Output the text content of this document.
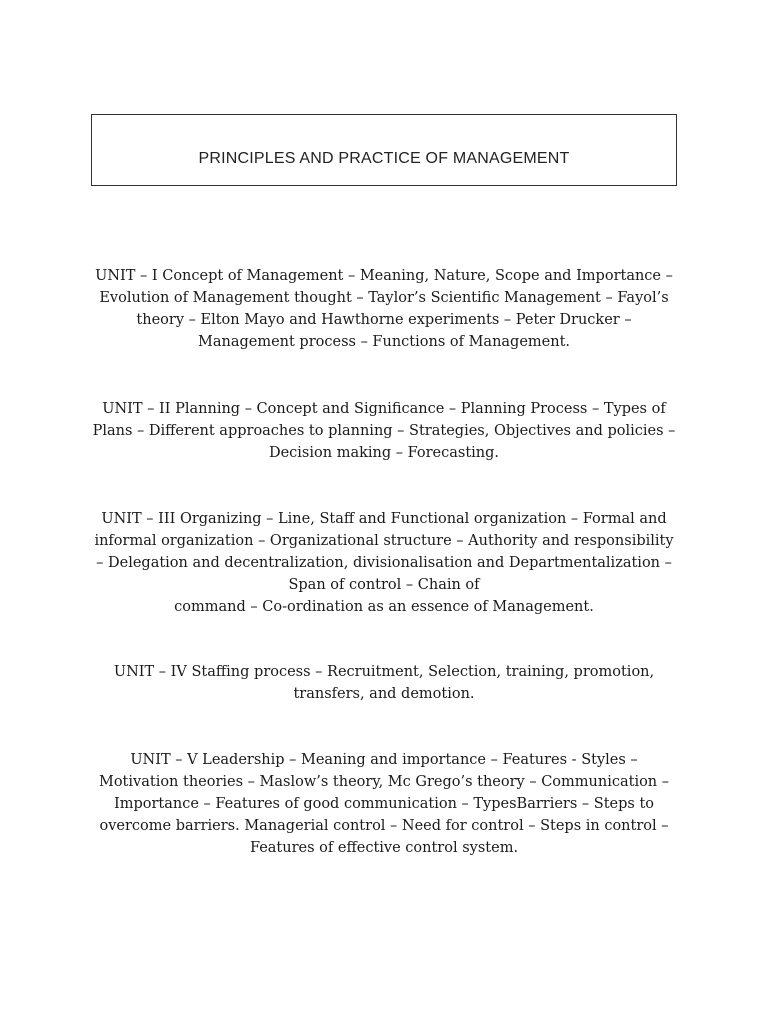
PRINCIPLES AND PRACTICE OF MANAGEMENT
UNIT – I Concept of Management – Meaning, Nature, Scope and Importance –
Evolution of Management thought – Taylor’s Scientific Management – Fayol’s
theory – Elton Mayo and Hawthorne experiments – Peter Drucker –
Management process – Functions of Management.
UNIT – II Planning – Concept and Significance – Planning Process – Types of
Plans – Different approaches to planning – Strategies, Objectives and policies –
Decision making – Forecasting.
UNIT – III Organizing – Line, Staff and Functional organization – Formal and
informal organization – Organizational structure – Authority and responsibility
– Delegation and decentralization, divisionalisation and Departmentalization –
Span of control – Chain of
command – Co-ordination as an essence of Management.
UNIT – IV Staffing process – Recruitment, Selection, training, promotion,
transfers, and demotion.
UNIT – V Leadership – Meaning and importance – Features - Styles –
Motivation theories – Maslow’s theory, Mc Grego’s theory – Communication –
Importance – Features of good communication – TypesBarriers – Steps to
overcome barriers. Managerial control – Need for control – Steps in control –
Features of effective control system.
